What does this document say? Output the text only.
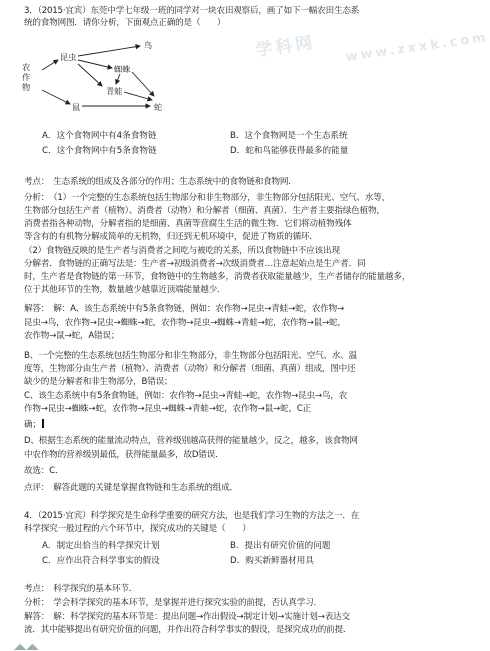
学科网 www.zxxk.com
3．（2015·宜宾）东莞中学七年级一班的同学对一块农田观察后，画了如下一幅农田生态系
统的食物网图．请你分析，下面观点正确的是（　　）
农
作
物
昆虫
蜘蛛
鸟
青蛙
鼠	蛇
A．这个食物网中有4条食物链	B．这个食物网是一个生态系统
C．这个食物网中有5条食物链	D．蛇和鸟能够获得最多的能量
考点：　生态系统的组成及各部分的作用；生态系统中的食物链和食物网．
分析：　（1）一个完整的生态系统包括生物部分和非生物部分，非生物部分包括阳光、空气、水等，
生物部分包括生产者（植物）、消费者（动物）和分解者（细菌、真菌）．生产者主要指绿色植物，
消费者指各种动物，分解者指的是细菌、真菌等营腐生生活的微生物．它们将动植物残体
等含有的有机物分解成简单的无机物，归还到无机环境中，促进了物质的循环．
（2）食物链反映的是生产者与消费者之间吃与被吃的关系，所以食物链中不应该出现
分解者．食物链的正确写法是：生产者→初级消费者→次级消费者…注意起始点是生产者．同
时，生产者是食物链的第一环节，食物链中的生物越多，消费者获取能量越少，生产者储存的能量越多，
位于其他环节的生物，数量越少越靠近顶端能量越少．
解答：　解：A、该生态系统中有5条食物链，例如：农作物→昆虫→青蛙→蛇，农作物→
昆虫→鸟，农作物→昆虫→蜘蛛→蛇，农作物→昆虫→蜘蛛→青蛙→蛇，农作物→鼠→蛇，
农作物→鼠→蛇，A错误；
B、一个完整的生态系统包括生物部分和非生物部分，非生物部分包括阳光、空气、水、温
度等，生物部分由生产者（植物）、消费者（动物）和分解者（细菌、真菌）组成，图中还
缺少的是分解者和非生物部分，B错误；
C、该生态系统中有5条食物链，例如：农作物→昆虫→青蛙→蛇，农作物→昆虫→鸟，农
作物→昆虫→蜘蛛→蛇，农作物→昆虫→蜘蛛→青蛙→蛇，农作物→鼠→蛇，C正
确；
D、根据生态系统的能量流动特点，营养级别越高获得的能量越少，反之，越多，该食物网
中农作物的营养级别最低，获得能量最多，故D错误．
故选：C．
点评：　解答此题的关键是掌握食物链和生态系统的组成．
4．（2015·宜宾）科学探究是生命科学重要的研究方法，也是我们学习生物的方法之一．在
科学探究一般过程的六个环节中，探究成功的关键是（　　）
A．制定出恰当的科学探究计划	B．提出有研究价值的问题
C．应作出符合科学事实的假设	D．购买新鲜器材用具
考点：　科学探究的基本环节．
分析：　学会科学探究的基本环节，是掌握并进行探究实验的前提，否认真学习．
解答：　解：科学探究的基本环节是：提出问题→作出假设→制定计划→实施计划→表达交
流．其中能够提出有研究价值的问题，并作出符合科学事实的假设，是探究成功的前提．
◢◣◢◣
